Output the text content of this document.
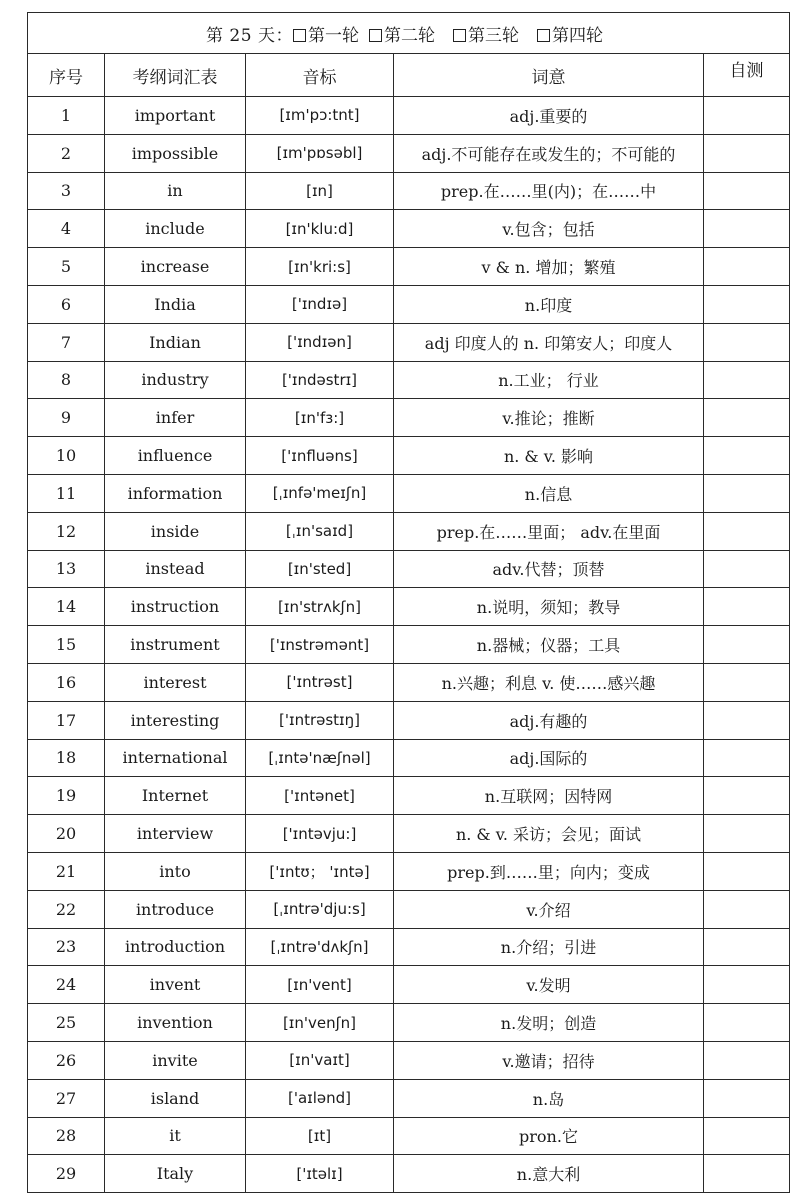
第 25 天： 第一轮 第二轮 第三轮 第四轮				
序号	考纲词汇表	音标	词意	自测
1	important	[ɪm'pɔ:tnt]	adj.重要的	
2	impossible	[ɪm'pɒsəbl]	adj.不可能存在或发生的；不可能的	
3	in	[ɪn]	prep.在……里(内)；在……中	
4	include	[ɪn'klu:d]	v.包含；包括	
5	increase	[ɪn'kri:s]	v & n. 增加；繁殖	
6	India	['ɪndɪə]	n.印度	
7	Indian	['ɪndɪən]	adj 印度人的 n. 印第安人；印度人	
8	industry	['ɪndəstrɪ]	n.工业； 行业	
9	infer	[ɪn'fɜ:]	v.推论；推断	
10	influence	['ɪnfluəns]	n. & v. 影响	
11	information	[ˌɪnfə'meɪʃn]	n.信息	
12	inside	[ˌɪn'saɪd]	prep.在……里面； adv.在里面	
13	instead	[ɪn'sted]	adv.代替；顶替	
14	instruction	[ɪn'strʌkʃn]	n.说明，须知；教导	
15	instrument	['ɪnstrəmənt]	n.器械；仪器；工具	
16	interest	['ɪntrəst]	n.兴趣；利息 v. 使……感兴趣	
17	interesting	['ɪntrəstɪŋ]	adj.有趣的	
18	international	[ˌɪntə'næʃnəl]	adj.国际的	
19	Internet	['ɪntənet]	n.互联网；因特网	
20	interview	['ɪntəvju:]	n. & v. 采访；会见；面试	
21	into	['ɪntʊ； 'ɪntə]	prep.到……里；向内；变成	
22	introduce	[ˌɪntrə'dju:s]	v.介绍	
23	introduction	[ˌɪntrə'dʌkʃn]	n.介绍；引进	
24	invent	[ɪn'vent]	v.发明	
25	invention	[ɪn'venʃn]	n.发明；创造	
26	invite	[ɪn'vaɪt]	v.邀请；招待	
27	island	['aɪlənd]	n.岛	
28	it	[ɪt]	pron.它	
29	Italy	['ɪtəlɪ]	n.意大利	
